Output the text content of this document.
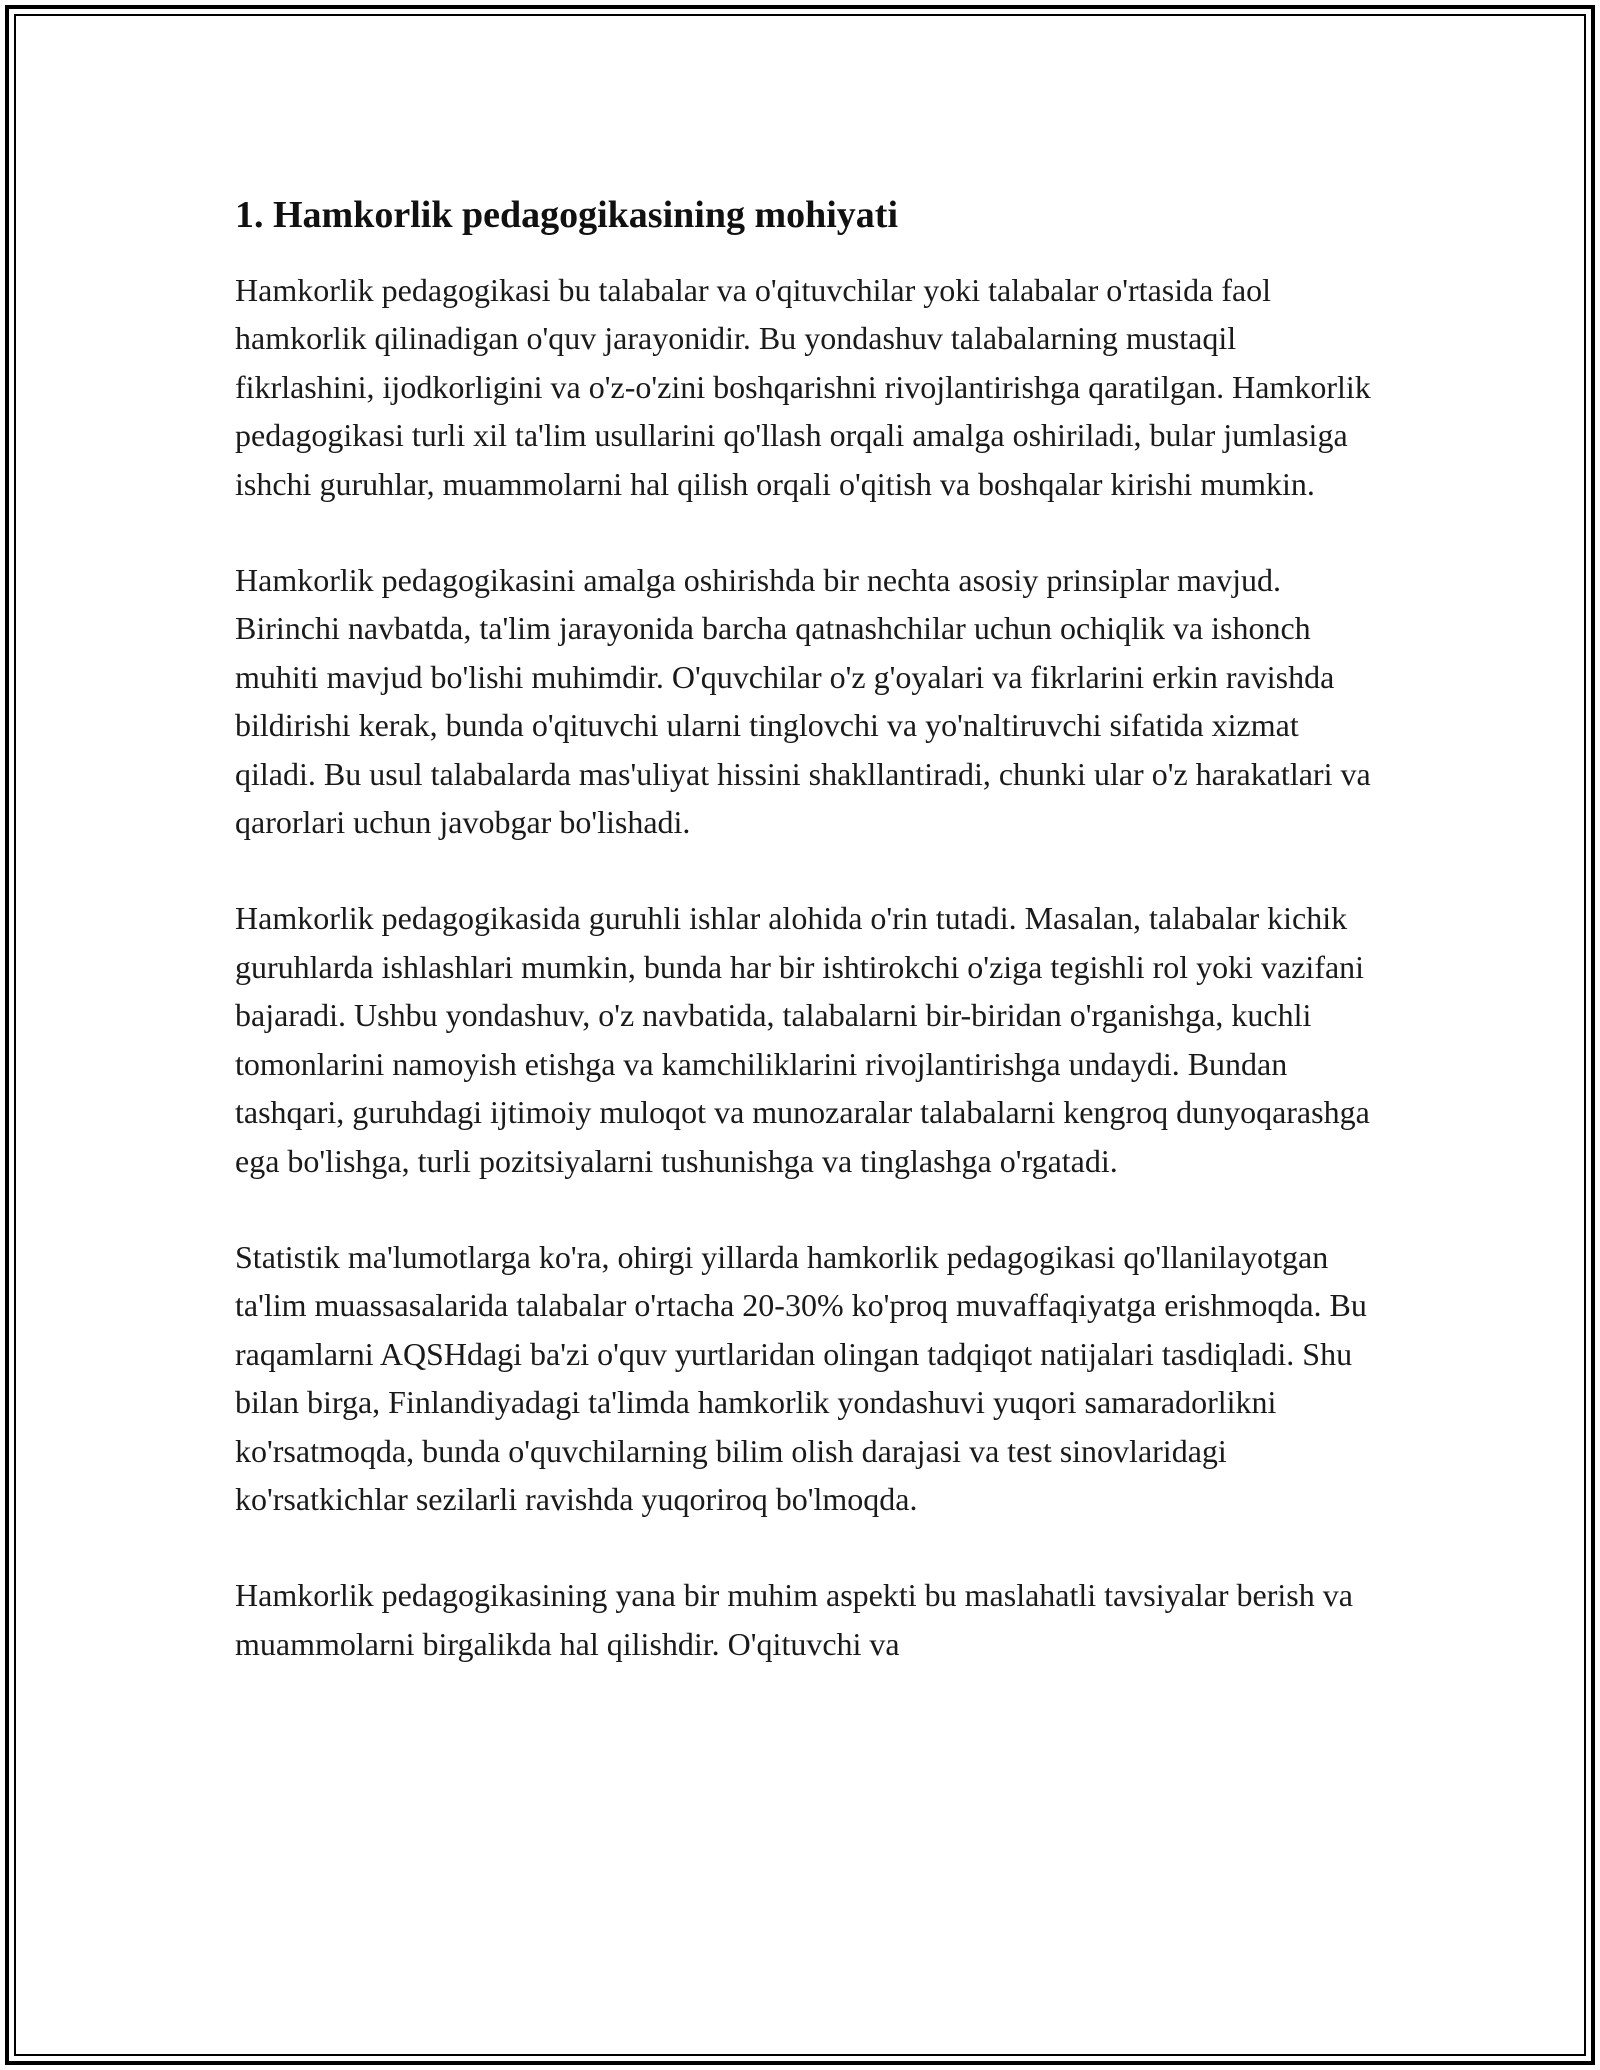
1. Hamkorlik pedagogikasining mohiyati

Hamkorlik pedagogikasi bu talabalar va o'qituvchilar yoki talabalar o'rtasida faol hamkorlik qilinadigan o'quv jarayonidir. Bu yondashuv talabalarning mustaqil fikrlashini, ijodkorligini va o'z-o'zini boshqarishni rivojlantirishga qaratilgan. Hamkorlik pedagogikasi turli xil ta'lim usullarini qo'llash orqali amalga oshiriladi, bular jumlasiga ishchi guruhlar, muammolarni hal qilish orqali o'qitish va boshqalar kirishi mumkin.

Hamkorlik pedagogikasini amalga oshirishda bir nechta asosiy prinsiplar mavjud. Birinchi navbatda, ta'lim jarayonida barcha qatnashchilar uchun ochiqlik va ishonch muhiti mavjud bo'lishi muhimdir. O'quvchilar o'z g'oyalari va fikrlarini erkin ravishda bildirishi kerak, bunda o'qituvchi ularni tinglovchi va yo'naltiruvchi sifatida xizmat qiladi. Bu usul talabalarda mas'uliyat hissini shakllantiradi, chunki ular o'z harakatlari va qarorlari uchun javobgar bo'lishadi.

Hamkorlik pedagogikasida guruhli ishlar alohida o'rin tutadi. Masalan, talabalar kichik guruhlarda ishlashlari mumkin, bunda har bir ishtirokchi o'ziga tegishli rol yoki vazifani bajaradi. Ushbu yondashuv, o'z navbatida, talabalarni bir-biridan o'rganishga, kuchli tomonlarini namoyish etishga va kamchiliklarini rivojlantirishga undaydi. Bundan tashqari, guruhdagi ijtimoiy muloqot va munozaralar talabalarni kengroq dunyoqarashga ega bo'lishga, turli pozitsiyalarni tushunishga va tinglashga o'rgatadi.

Statistik ma'lumotlarga ko'ra, ohirgi yillarda hamkorlik pedagogikasi qo'llanilayotgan ta'lim muassasalarida talabalar o'rtacha 20-30% ko'proq muvaffaqiyatga erishmoqda. Bu raqamlarni AQSHdagi ba'zi o'quv yurtlaridan olingan tadqiqot natijalari tasdiqladi. Shu bilan birga, Finlandiyadagi ta'limda hamkorlik yondashuvi yuqori samaradorlikni ko'rsatmoqda, bunda o'quvchilarning bilim olish darajasi va test sinovlaridagi ko'rsatkichlar sezilarli ravishda yuqoriroq bo'lmoqda.

Hamkorlik pedagogikasining yana bir muhim aspekti bu maslahatli tavsiyalar berish va muammolarni birgalikda hal qilishdir. O'qituvchi va
